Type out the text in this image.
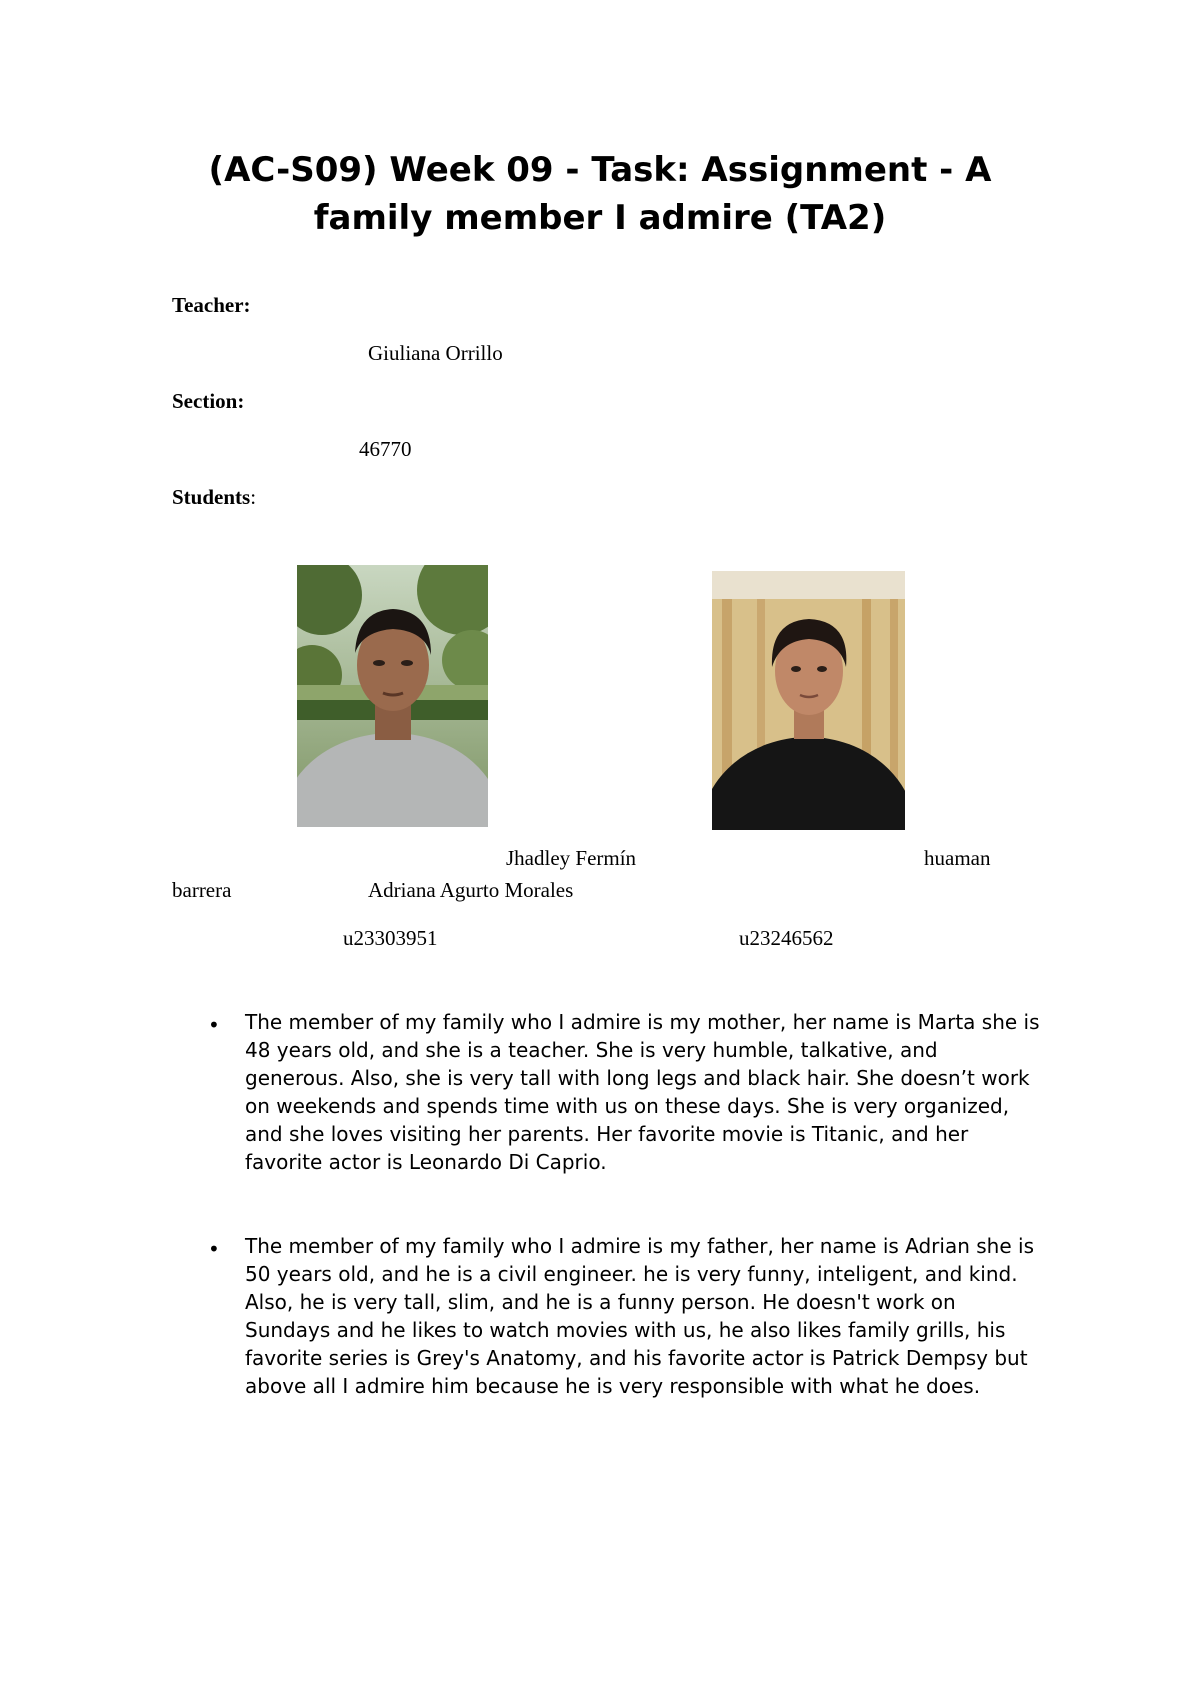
(AC-S09) Week 09 - Task: Assignment - A family member I admire (TA2)
Teacher:
Giuliana Orrillo
Section:
46770
Students:
Jhadley Fermín	huaman
barrera	Adriana Agurto Morales
u23303951	u23246562
• The member of my family who I admire is my mother, her name is Marta she is 48 years old, and she is a teacher. She is very humble, talkative, and generous. Also, she is very tall with long legs and black hair. She doesn’t work on weekends and spends time with us on these days. She is very organized, and she loves visiting her parents. Her favorite movie is Titanic, and her favorite actor is Leonardo Di Caprio.
• The member of my family who I admire is my father, her name is Adrian she is 50 years old, and he is a civil engineer. he is very funny, inteligent, and kind. Also, he is very tall, slim, and he is a funny person. He doesn't work on Sundays and he likes to watch movies with us, he also likes family grills, his favorite series is Grey's Anatomy, and his favorite actor is Patrick Dempsy but above all I admire him because he is very responsible with what he does.
